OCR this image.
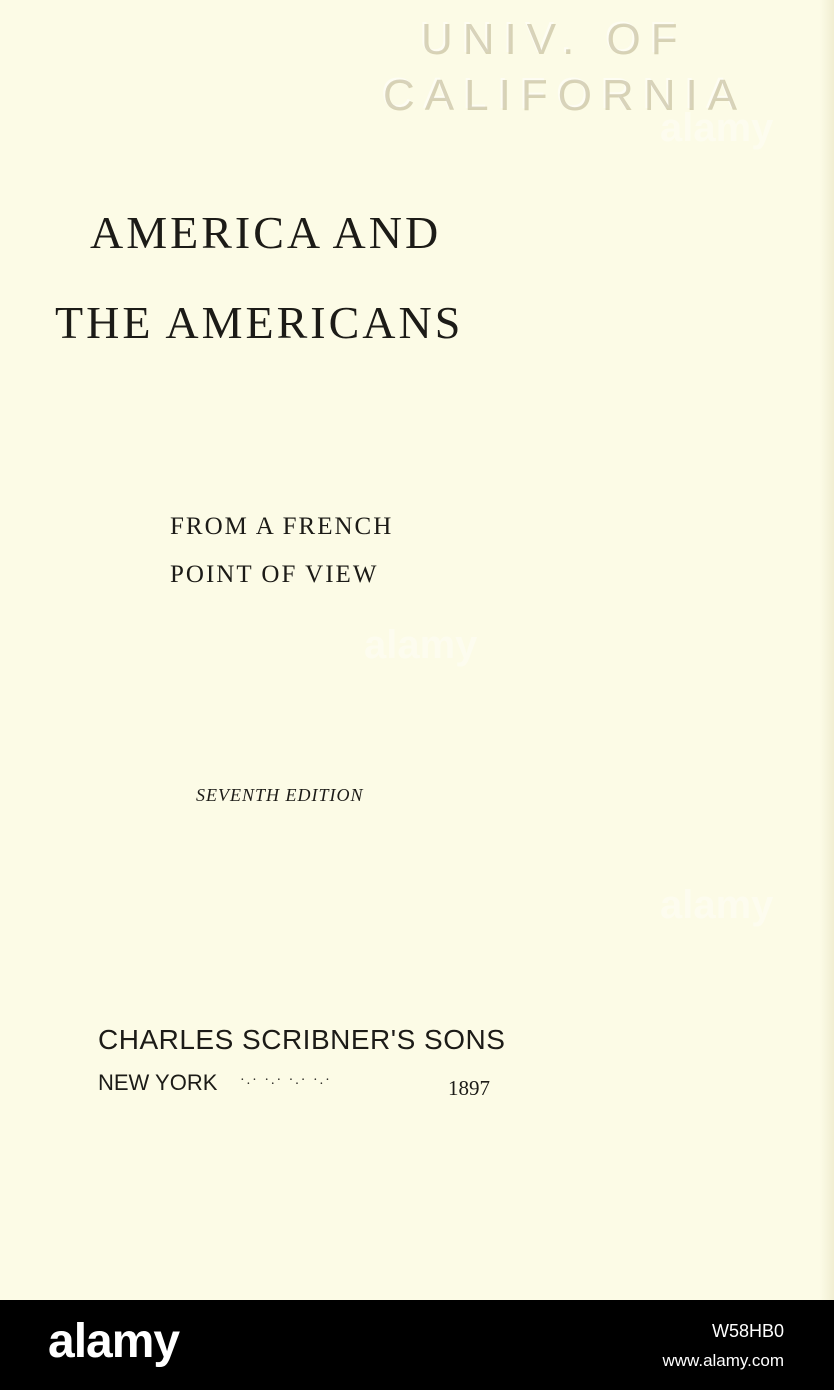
UNIV. OF
CALIFORNIA
AMERICA AND
THE AMERICANS
FROM A FRENCH
POINT OF VIEW
SEVENTH EDITION
CHARLES SCRIBNER'S SONS
NEW YORK ·.· ·.· ·.· ·.·	1897
alamy
alamy
alamy
alamy	W58HB0
www.alamy.com
